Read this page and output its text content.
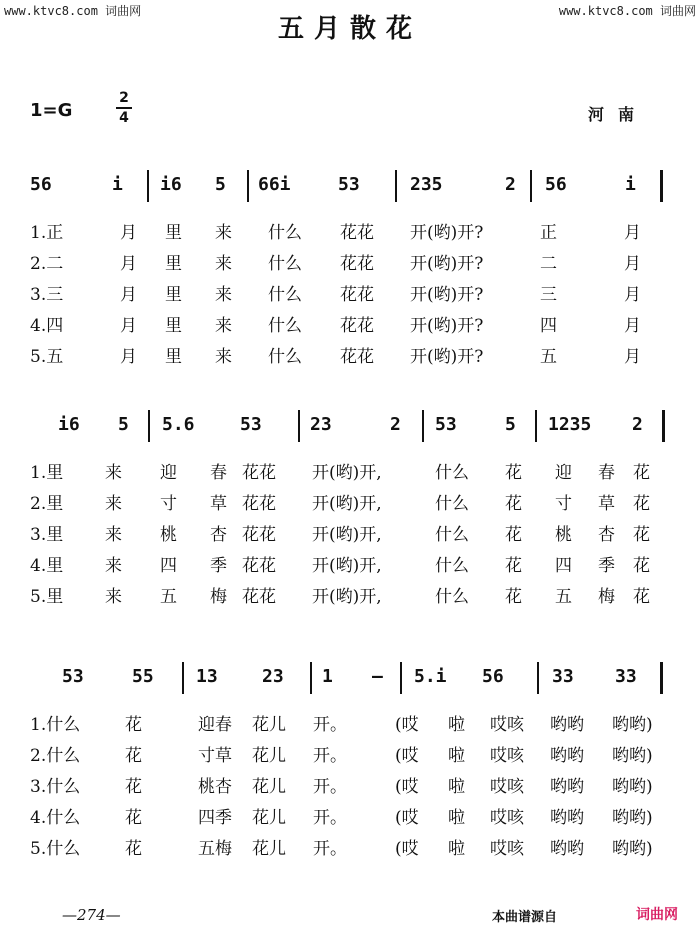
www.ktvc8.com 词曲网	www.ktvc8.com 词曲网
五月散花
1=G
2
4	河南
56	i i6 5 66i	53	235	2 56	i
1.正	月 里 来 什么 花花 开(哟)开?	正	月
2.二	月 里 来 什么 花花 开(哟)开?	二	月
3.三	月 里 来 什么 花花 开(哟)开?	三	月
4.四	月 里 来 什么 花花 开(哟)开?	四	月
5.五	月 里 来 什么 花花 开(哟)开?	五	月
i6 5 5.6	53	23	2 53	5 1235 2
1.里 来 迎 春 花花 开(哟)开,	什么 花 迎 春 花
2.里 来 寸 草 花花 开(哟)开,	什么 花 寸 草 花
3.里 来 桃 杏 花花 开(哟)开,	什么 花 桃 杏 花
4.里 来 四 季 花花 开(哟)开,	什么 花 四 季 花
5.里 来 五 梅 花花 开(哟)开,	什么 花 五 梅 花
53	55 13 23 1 — 5.i 56	33 33
1.什么	花	迎春 花儿 开。	(哎 啦 哎咳 哟哟 哟哟)
2.什么	花	寸草 花儿 开。	(哎 啦 哎咳 哟哟 哟哟)
3.什么	花	桃杏 花儿 开。	(哎 啦 哎咳 哟哟 哟哟)
4.什么	花	四季 花儿 开。	(哎 啦 哎咳 哟哟 哟哟)
5.什么	花	五梅 花儿 开。	(哎 啦 哎咳 哟哟 哟哟)
—274—	本曲谱源自	词曲网
